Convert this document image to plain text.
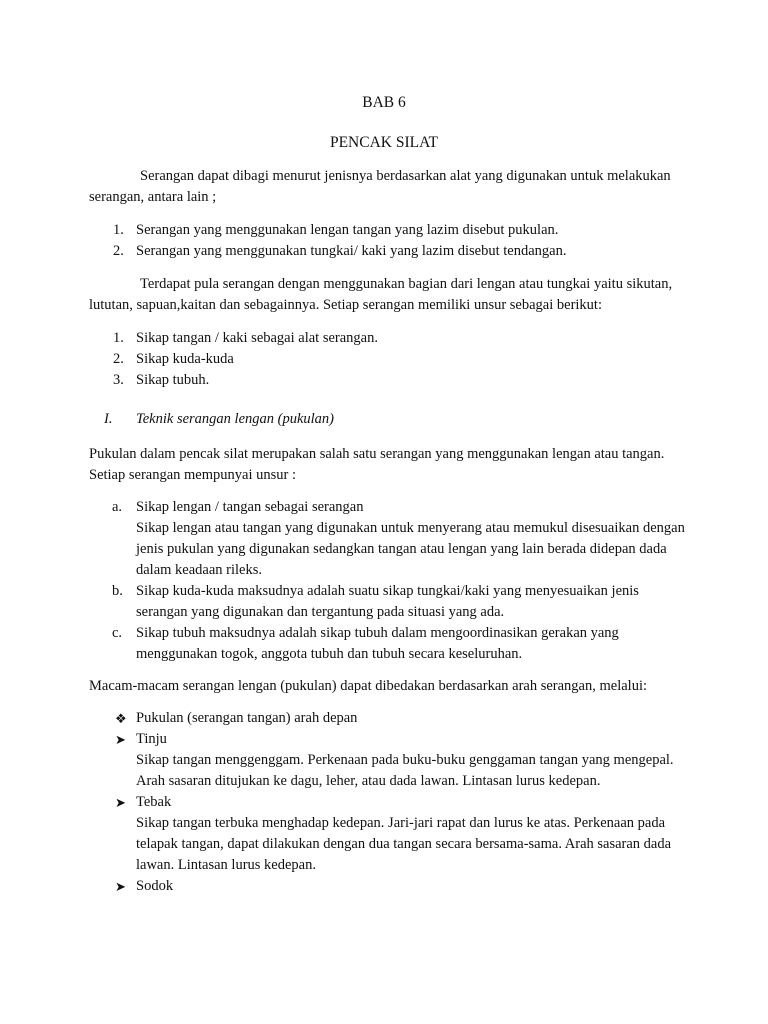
BAB 6
PENCAK SILAT

Serangan dapat dibagi menurut jenisnya berdasarkan alat yang digunakan untuk melakukan serangan, antara lain ;

1. Serangan yang menggunakan lengan tangan yang lazim disebut pukulan.
2. Serangan yang menggunakan tungkai/ kaki yang lazim disebut tendangan.

Terdapat pula serangan dengan menggunakan bagian dari lengan atau tungkai yaitu sikutan, lututan, sapuan,kaitan dan sebagainnya. Setiap serangan memiliki unsur sebagai berikut:

1. Sikap tangan / kaki sebagai alat serangan.
2. Sikap kuda-kuda
3. Sikap tubuh.
I. Teknik serangan lengan (pukulan)

Pukulan dalam pencak silat merupakan salah satu serangan yang menggunakan lengan atau tangan. Setiap serangan mempunyai unsur :

a. Sikap lengan / tangan sebagai serangan
Sikap lengan atau tangan yang digunakan untuk menyerang atau memukul disesuaikan dengan jenis pukulan yang digunakan sedangkan tangan atau lengan yang lain berada didepan dada dalam keadaan rileks.
b. Sikap kuda-kuda maksudnya adalah suatu sikap tungkai/kaki yang menyesuaikan jenis serangan yang digunakan dan tergantung pada situasi yang ada.
c. Sikap tubuh maksudnya adalah sikap tubuh dalam mengoordinasikan gerakan yang menggunakan togok, anggota tubuh dan tubuh secara keseluruhan.

Macam-macam serangan lengan (pukulan) dapat dibedakan berdasarkan arah serangan, melalui:

❖ Pukulan (serangan tangan) arah depan
➤ Tinju
Sikap tangan menggenggam. Perkenaan pada buku-buku genggaman tangan yang mengepal. Arah sasaran ditujukan ke dagu, leher, atau dada lawan. Lintasan lurus kedepan.
➤ Tebak
Sikap tangan terbuka menghadap kedepan. Jari-jari rapat dan lurus ke atas. Perkenaan pada telapak tangan, dapat dilakukan dengan dua tangan secara bersama-sama. Arah sasaran dada lawan. Lintasan lurus kedepan.
➤ Sodok
